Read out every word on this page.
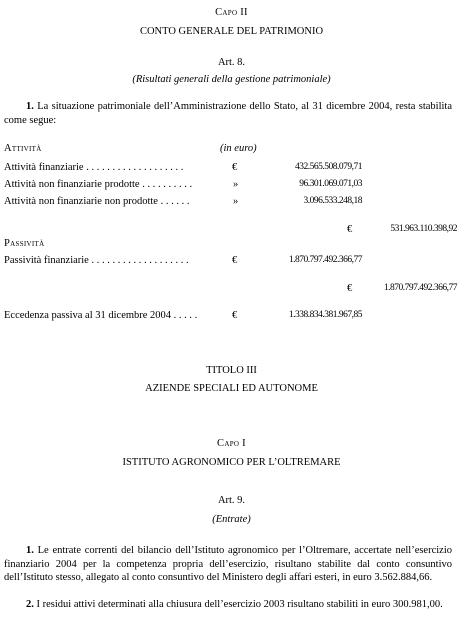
Capo II
CONTO GENERALE DEL PATRIMONIO
Art. 8.
(Risultati generali della gestione patrimoniale)
1. La situazione patrimoniale dell’Amministrazione dello Stato, al 31 dicembre 2004, resta stabilita come segue:
Attività	(in euro)
Attività finanziarie . . . . . . . . . . . . . . . . . . .	€	432.565.508.079,71
Attività non finanziarie prodotte . . . . . . . . . .	»	96.301.069.071,03
Attività non finanziarie non prodotte . . . . . .	»	3.096.533.248,18
€	531.963.110.398,92
Passività
Passività finanziarie . . . . . . . . . . . . . . . . . . .	€	1.870.797.492.366,77
€	1.870.797.492.366,77
Eccedenza passiva al 31 dicembre 2004 . . . . .	€	1.338.834.381.967,85
TITOLO III
AZIENDE SPECIALI ED AUTONOME
Capo I
ISTITUTO AGRONOMICO PER L’OLTREMARE
Art. 9.
(Entrate)
1. Le entrate correnti del bilancio dell’Istituto agronomico per l’Oltremare, accertate nell’esercizio finanziario 2004 per la competenza propria dell’esercizio, risultano stabilite dal conto consuntivo dell’Istituto stesso, allegato al conto consuntivo del Ministero degli affari esteri, in euro 3.562.884,66.
2. I residui attivi determinati alla chiusura dell’esercizio 2003 risultano stabiliti in euro 300.981,00.
